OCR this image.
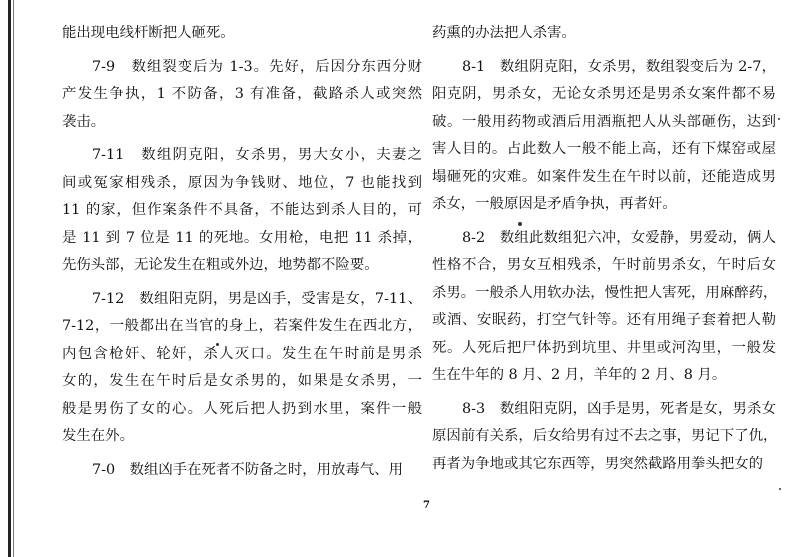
能出现电线杆断把人砸死。
7-9　数组裂变后为 1-3。先好，后因分东西分财
产发生争执，1 不防备，3 有准备，截路杀人或突然
袭击。
7-11　数组阴克阳，女杀男，男大女小，夫妻之
间或冤家相残杀，原因为争钱财、地位，7 也能找到
11 的家，但作案条件不具备，不能达到杀人目的，可
是 11 到 7 位是 11 的死地。女用枪，电把 11 杀掉，
先伤头部，无论发生在粗或外边，地势都不险要。
7-12　数组阳克阴，男是凶手，受害是女，7-11、
7-12，一般都出在当官的身上，若案件发生在西北方，
内包含枪奸、轮奸，杀人灭口。发生在午时前是男杀
女的，发生在午时后是女杀男的，如果是女杀男，一
般是男伤了女的心。人死后把人扔到水里，案件一般
发生在外。
7-0　数组凶手在死者不防备之时，用放毒气、用
药熏的办法把人杀害。
8-1　数组阴克阳，女杀男，数组裂变后为 2-7，
阳克阴，男杀女，无论女杀男还是男杀女案件都不易
破。一般用药物或酒后用酒瓶把人从头部砸伤，达到
害人目的。占此数人一般不能上高，还有下煤窑或屋
塌砸死的灾难。如案件发生在午时以前，还能造成男
杀女，一般原因是矛盾争执，再者奸。
8-2　数组此数组犯六冲，女爱静，男爱动，俩人
性格不合，男女互相残杀，午时前男杀女，午时后女
杀男。一般杀人用软办法，慢性把人害死，用麻醉药，
或酒、安眠药，打空气针等。还有用绳子套着把人勒
死。人死后把尸体扔到坑里、井里或河沟里，一般发
生在牛年的 8 月、2 月，羊年的 2 月、8 月。
8-3　数组阳克阴，凶手是男，死者是女，男杀女
原因前有关系，后女给男有过不去之事，男记下了仇，
再者为争地或其它东西等，男突然截路用拳头把女的
7
